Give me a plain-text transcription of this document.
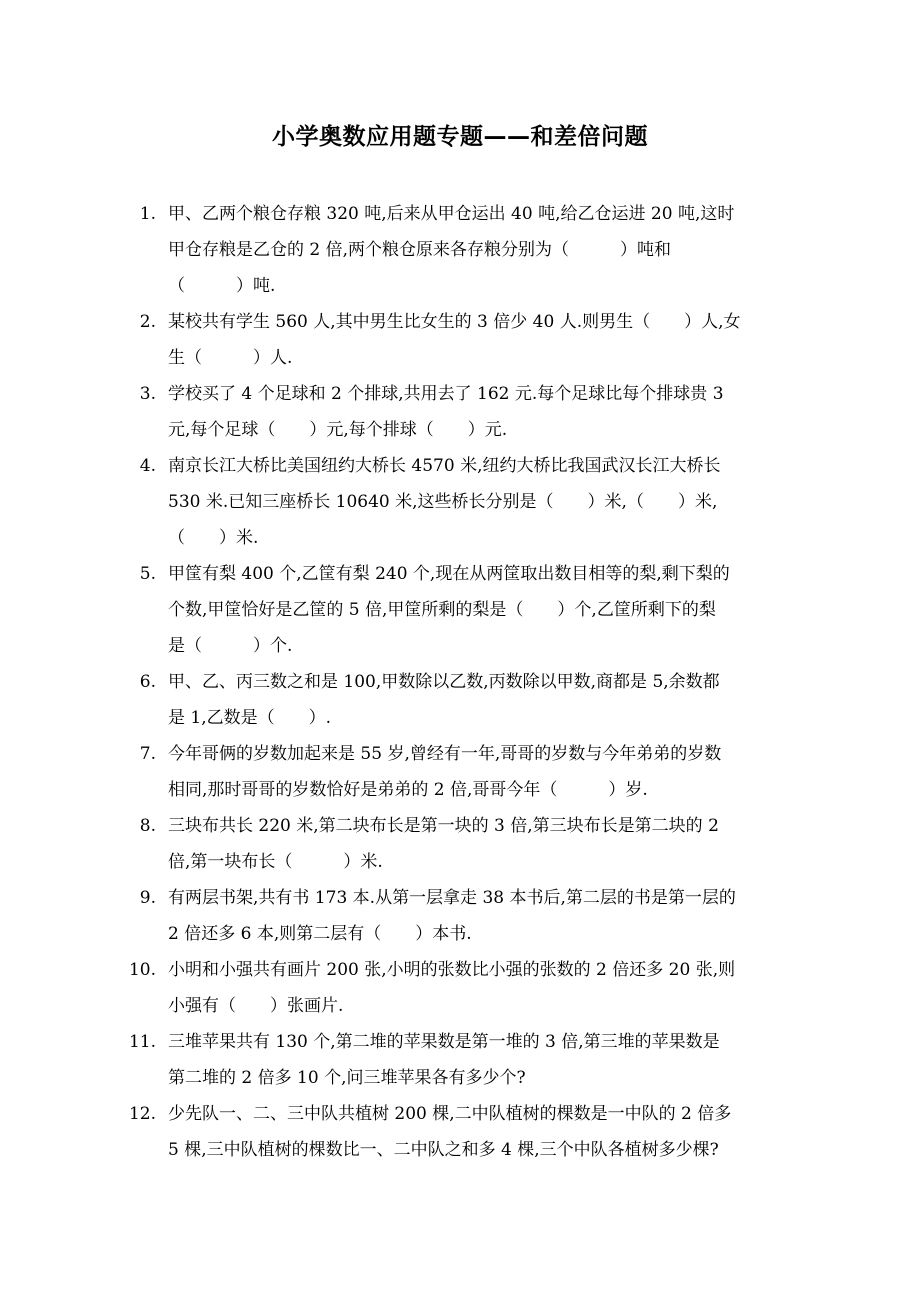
小学奥数应用题专题——和差倍问题
1. 甲、乙两个粮仓存粮 320 吨,后来从甲仓运出 40 吨,给乙仓运进 20 吨,这时
甲仓存粮是乙仓的 2 倍,两个粮仓原来各存粮分别为（　　　）吨和
（　　　）吨.
2. 某校共有学生 560 人,其中男生比女生的 3 倍少 40 人.则男生（　　）人,女
生（　　　）人.
3. 学校买了 4 个足球和 2 个排球,共用去了 162 元.每个足球比每个排球贵 3
元,每个足球（　　）元,每个排球（　　）元.
4. 南京长江大桥比美国纽约大桥长 4570 米,纽约大桥比我国武汉长江大桥长
530 米.已知三座桥长 10640 米,这些桥长分别是（　　）米,（　　）米,
（　　）米.
5. 甲筐有梨 400 个,乙筐有梨 240 个,现在从两筐取出数目相等的梨,剩下梨的
个数,甲筐恰好是乙筐的 5 倍,甲筐所剩的梨是（　　）个,乙筐所剩下的梨
是（　　　）个.
6. 甲、乙、丙三数之和是 100,甲数除以乙数,丙数除以甲数,商都是 5,余数都
是 1,乙数是（　　）.
7. 今年哥俩的岁数加起来是 55 岁,曾经有一年,哥哥的岁数与今年弟弟的岁数
相同,那时哥哥的岁数恰好是弟弟的 2 倍,哥哥今年（　　　）岁.
8. 三块布共长 220 米,第二块布长是第一块的 3 倍,第三块布长是第二块的 2
倍,第一块布长（　　　）米.
9. 有两层书架,共有书 173 本.从第一层拿走 38 本书后,第二层的书是第一层的
2 倍还多 6 本,则第二层有（　　）本书.
10. 小明和小强共有画片 200 张,小明的张数比小强的张数的 2 倍还多 20 张,则
小强有（　　）张画片.
11. 三堆苹果共有 130 个,第二堆的苹果数是第一堆的 3 倍,第三堆的苹果数是
第二堆的 2 倍多 10 个,问三堆苹果各有多少个?
12. 少先队一、二、三中队共植树 200 棵,二中队植树的棵数是一中队的 2 倍多
5 棵,三中队植树的棵数比一、二中队之和多 4 棵,三个中队各植树多少棵?
